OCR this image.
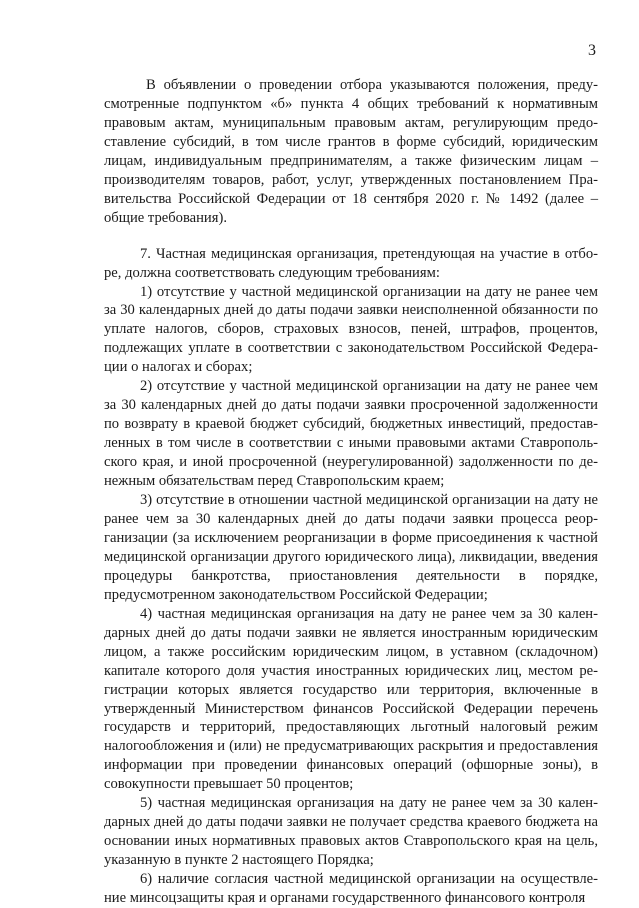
3

В объявлении о проведении отбора указываются положения, предусмотренные подпунктом «б» пункта 4 общих требований к нормативным правовым актам, муниципальным правовым актам, регулирующим предоставление субсидий, в том числе грантов в форме субсидий, юридическим лицам, индивидуальным предпринимателям, а также физическим лицам – производителям товаров, работ, услуг, утвержденных постановлением Правительства Российской Федерации от 18 сентября 2020 г. № 1492 (далее – общие требования).

7. Частная медицинская организация, претендующая на участие в отборе, должна соответствовать следующим требованиям:

1) отсутствие у частной медицинской организации на дату не ранее чем за 30 календарных дней до даты подачи заявки неисполненной обязанности по уплате налогов, сборов, страховых взносов, пеней, штрафов, процентов, подлежащих уплате в соответствии с законодательством Российской Федерации о налогах и сборах;

2) отсутствие у частной медицинской организации на дату не ранее чем за 30 календарных дней до даты подачи заявки просроченной задолженности по возврату в краевой бюджет субсидий, бюджетных инвестиций, предоставленных в том числе в соответствии с иными правовыми актами Ставропольского края, и иной просроченной (неурегулированной) задолженности по денежным обязательствам перед Ставропольским краем;

3) отсутствие в отношении частной медицинской организации на дату не ранее чем за 30 календарных дней до даты подачи заявки процесса реорганизации (за исключением реорганизации в форме присоединения к частной медицинской организации другого юридического лица), ликвидации, введения процедуры банкротства, приостановления деятельности в порядке, предусмотренном законодательством Российской Федерации;

4) частная медицинская организация на дату не ранее чем за 30 календарных дней до даты подачи заявки не является иностранным юридическим лицом, а также российским юридическим лицом, в уставном (складочном) капитале которого доля участия иностранных юридических лиц, местом регистрации которых является государство или территория, включенные в утвержденный Министерством финансов Российской Федерации перечень государств и территорий, предоставляющих льготный налоговый режим налогообложения и (или) не предусматривающих раскрытия и предоставления информации при проведении финансовых операций (офшорные зоны), в совокупности превышает 50 процентов;

5) частная медицинская организация на дату не ранее чем за 30 календарных дней до даты подачи заявки не получает средства краевого бюджета на основании иных нормативных правовых актов Ставропольского края на цель, указанную в пункте 2 настоящего Порядка;

6) наличие согласия частной медицинской организации на осуществление минсоцзащиты края и органами государственного финансового контроля
